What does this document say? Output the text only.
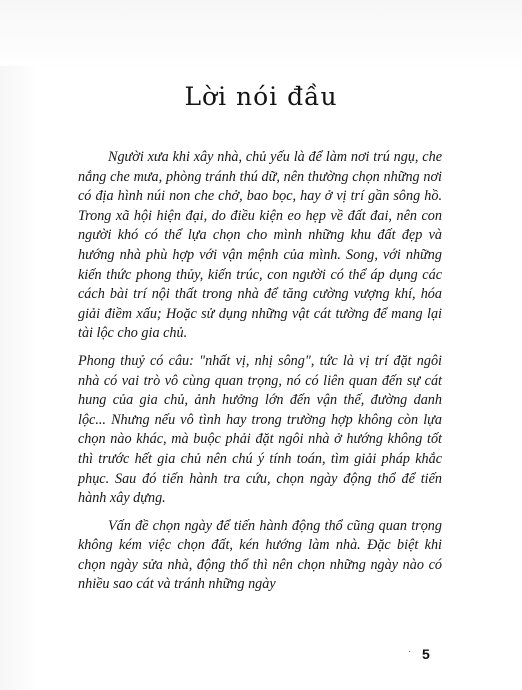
Lời nói đầu

Người xưa khi xây nhà, chủ yếu là để làm nơi trú ngụ, che nắng che mưa, phòng tránh thú dữ, nên thường chọn những nơi có địa hình núi non che chở, bao bọc, hay ở vị trí gần sông hồ. Trong xã hội hiện đại, do điều kiện eo hẹp về đất đai, nên con người khó có thể lựa chọn cho mình những khu đất đẹp và hướng nhà phù hợp với vận mệnh của mình. Song, với những kiến thức phong thủy, kiến trúc, con người có thể áp dụng các cách bài trí nội thất trong nhà để tăng cường vượng khí, hóa giải điềm xấu; Hoặc sử dụng những vật cát tường để mang lại tài lộc cho gia chủ.

Phong thuỷ có câu: "nhất vị, nhị sông", tức là vị trí đặt ngôi nhà có vai trò vô cùng quan trọng, nó có liên quan đến sự cát hung của gia chủ, ảnh hưởng lớn đến vận thế, đường danh lộc... Nhưng nếu vô tình hay trong trường hợp không còn lựa chọn nào khác, mà buộc phải đặt ngôi nhà ở hướng không tốt thì trước hết gia chủ nên chú ý tính toán, tìm giải pháp khắc phục. Sau đó tiến hành tra cứu, chọn ngày động thổ để tiến hành xây dựng.

Vấn đề chọn ngày để tiến hành động thổ cũng quan trọng không kém việc chọn đất, kén hướng làm nhà. Đặc biệt khi chọn ngày sửa nhà, động thổ thì nên chọn những ngày nào có nhiều sao cát và tránh những ngày

· 5
